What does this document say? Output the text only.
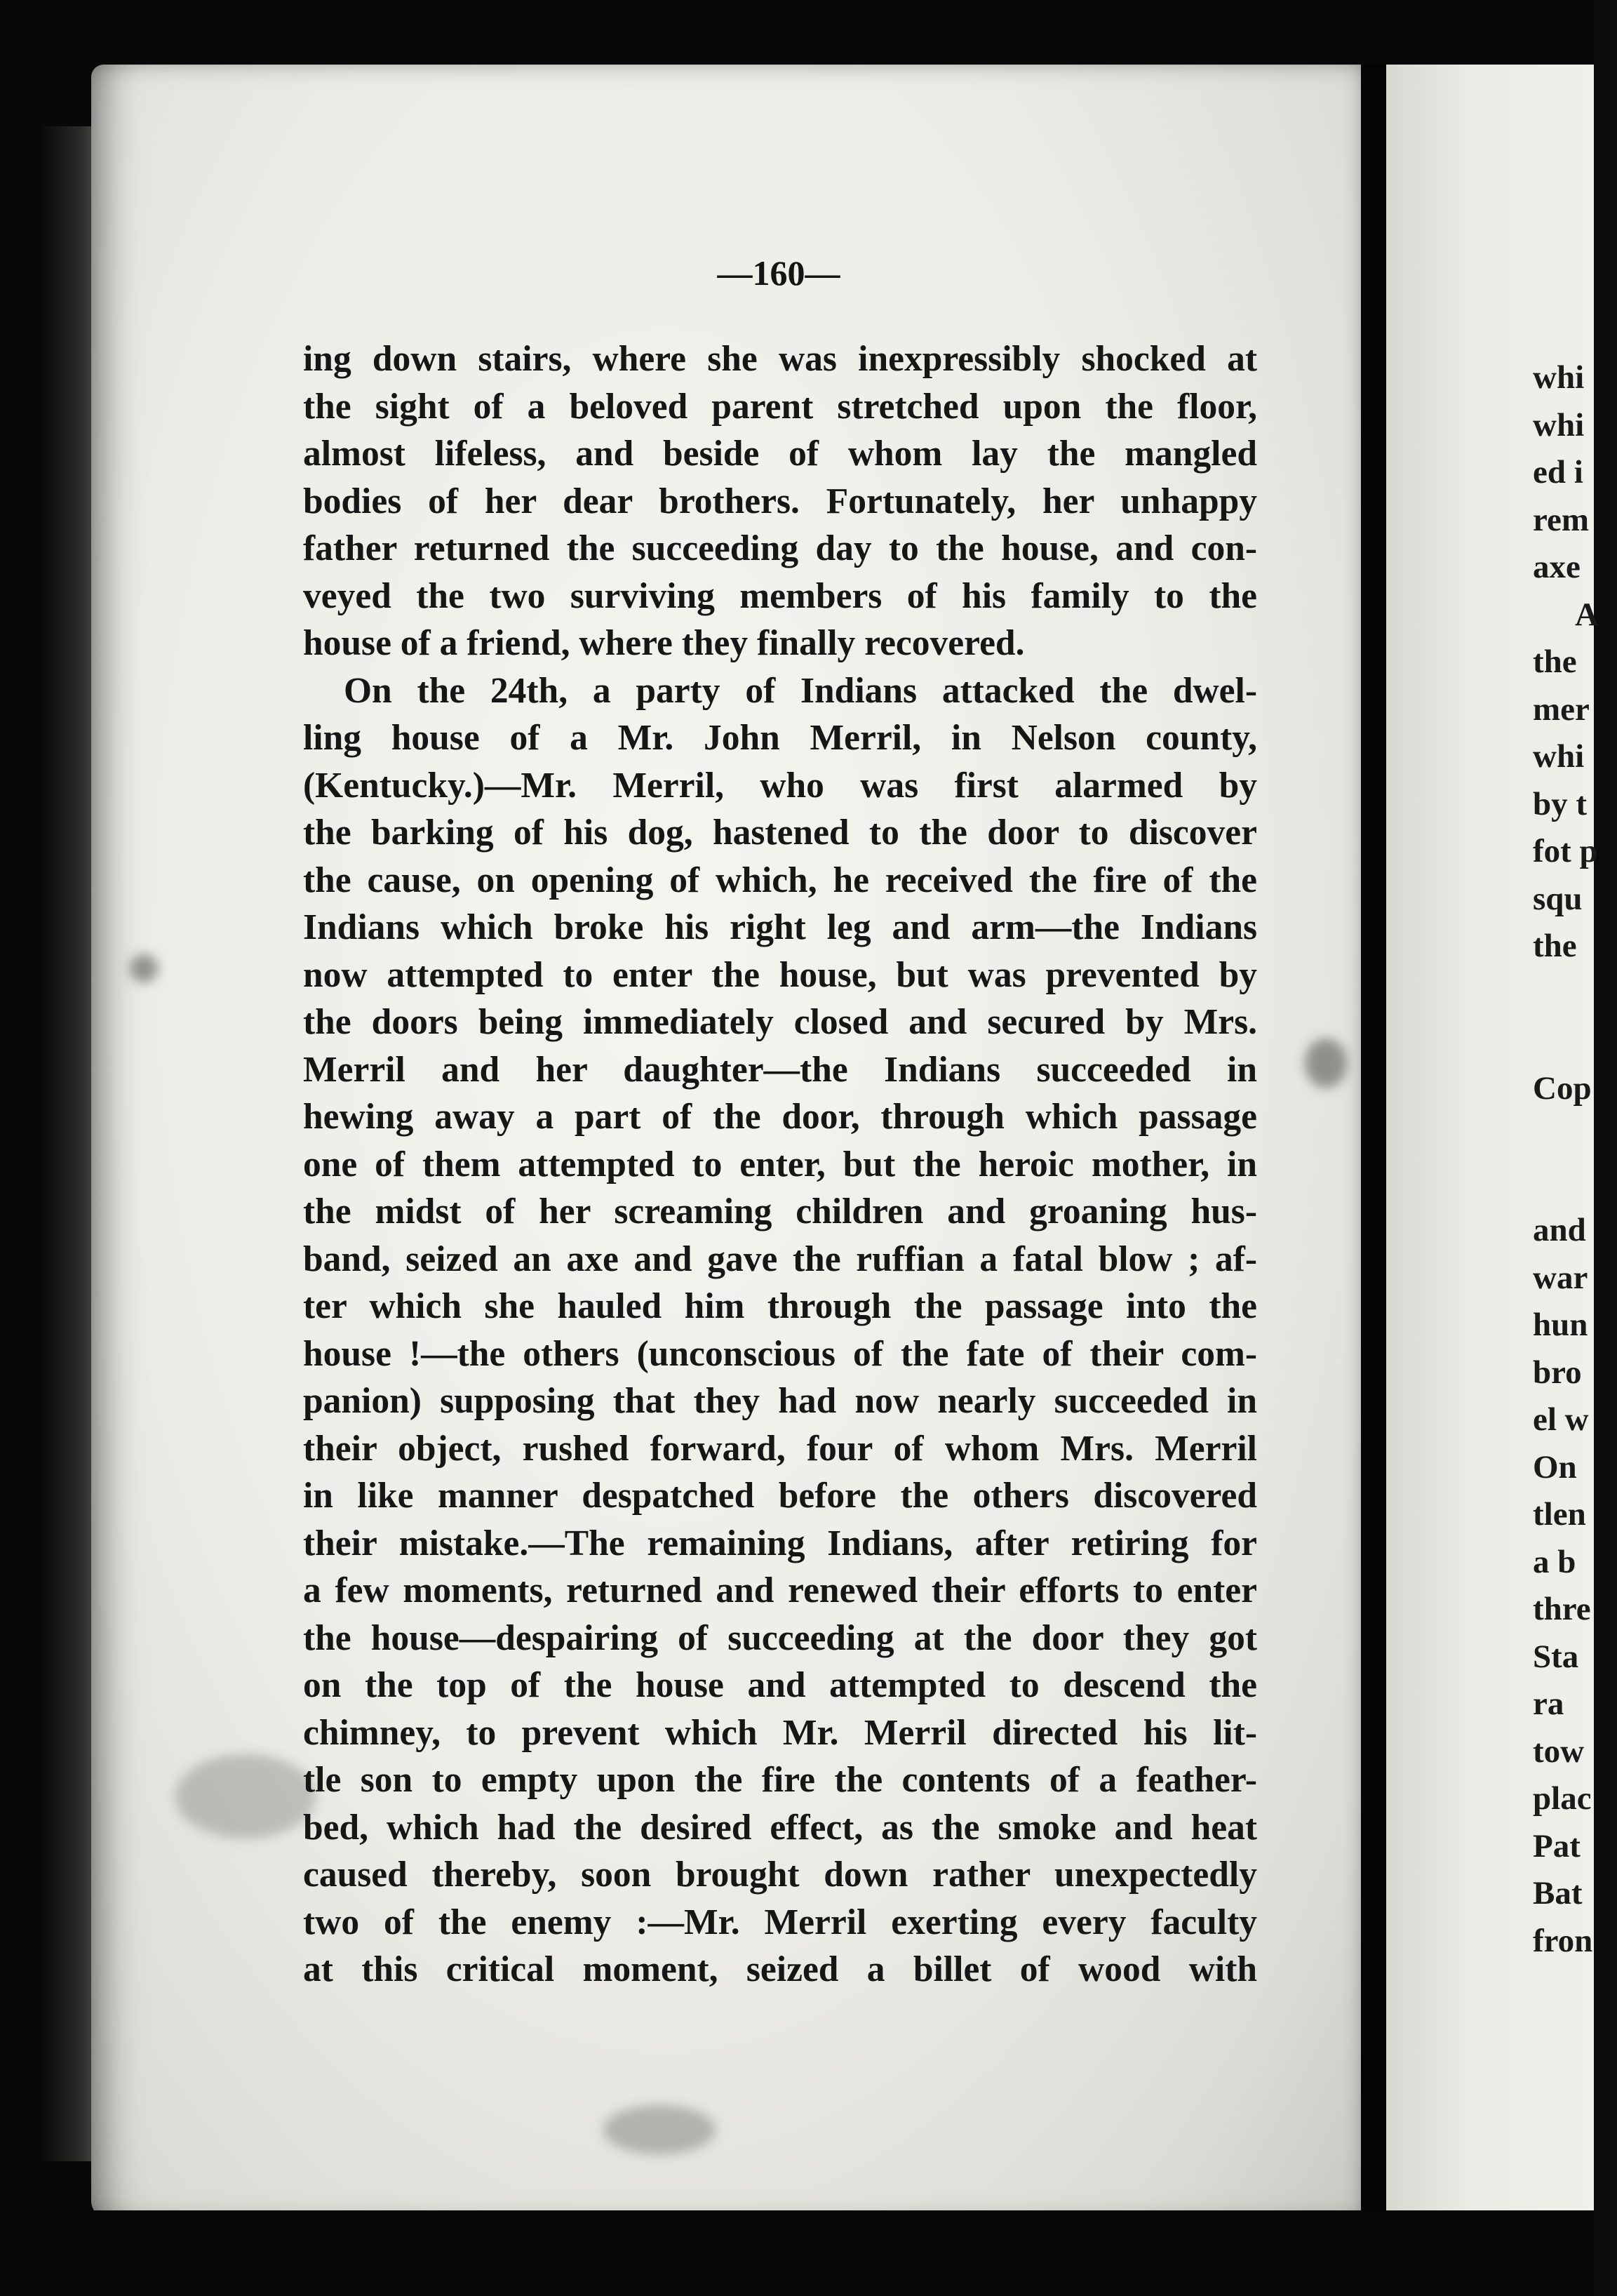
—160—
ing down stairs, where she was inexpressibly shocked at
the sight of a beloved parent stretched upon the floor,
almost lifeless, and beside of whom lay the mangled
bodies of her dear brothers. Fortunately, her unhappy
father returned the succeeding day to the house, and con-
veyed the two surviving members of his family to the
house of a friend, where they finally recovered.
On the 24th, a party of Indians attacked the dwel-
ling house of a Mr. John Merril, in Nelson county,
(Kentucky.)—Mr. Merril, who was first alarmed by
the barking of his dog, hastened to the door to discover
the cause, on opening of which, he received the fire of the
Indians which broke his right leg and arm—the Indians
now attempted to enter the house, but was prevented by
the doors being immediately closed and secured by Mrs.
Merril and her daughter—the Indians succeeded in
hewing away a part of the door, through which passage
one of them attempted to enter, but the heroic mother, in
the midst of her screaming children and groaning hus-
band, seized an axe and gave the ruffian a fatal blow ; af-
ter which she hauled him through the passage into the
house !—the others (unconscious of the fate of their com-
panion) supposing that they had now nearly succeeded in
their object, rushed forward, four of whom Mrs. Merril
in like manner despatched before the others discovered
their mistake.—The remaining Indians, after retiring for
a few moments, returned and renewed their efforts to enter
the house—despairing of succeeding at the door they got
on the top of the house and attempted to descend the
chimney, to prevent which Mr. Merril directed his lit-
tle son to empty upon the fire the contents of a feather-
bed, which had the desired effect, as the smoke and heat
caused thereby, soon brought down rather unexpectedly
two of the enemy :—Mr. Merril exerting every faculty
at this critical moment, seized a billet of wood with
whi
whi
ed i
rem
axe
A
the
mer
whi
by t
fot p
squ
the
Cop
and
war
hun
bro
el w
On
tlen
a b
thre
Sta
ra
tow
plac
Pat
Bat
fron
